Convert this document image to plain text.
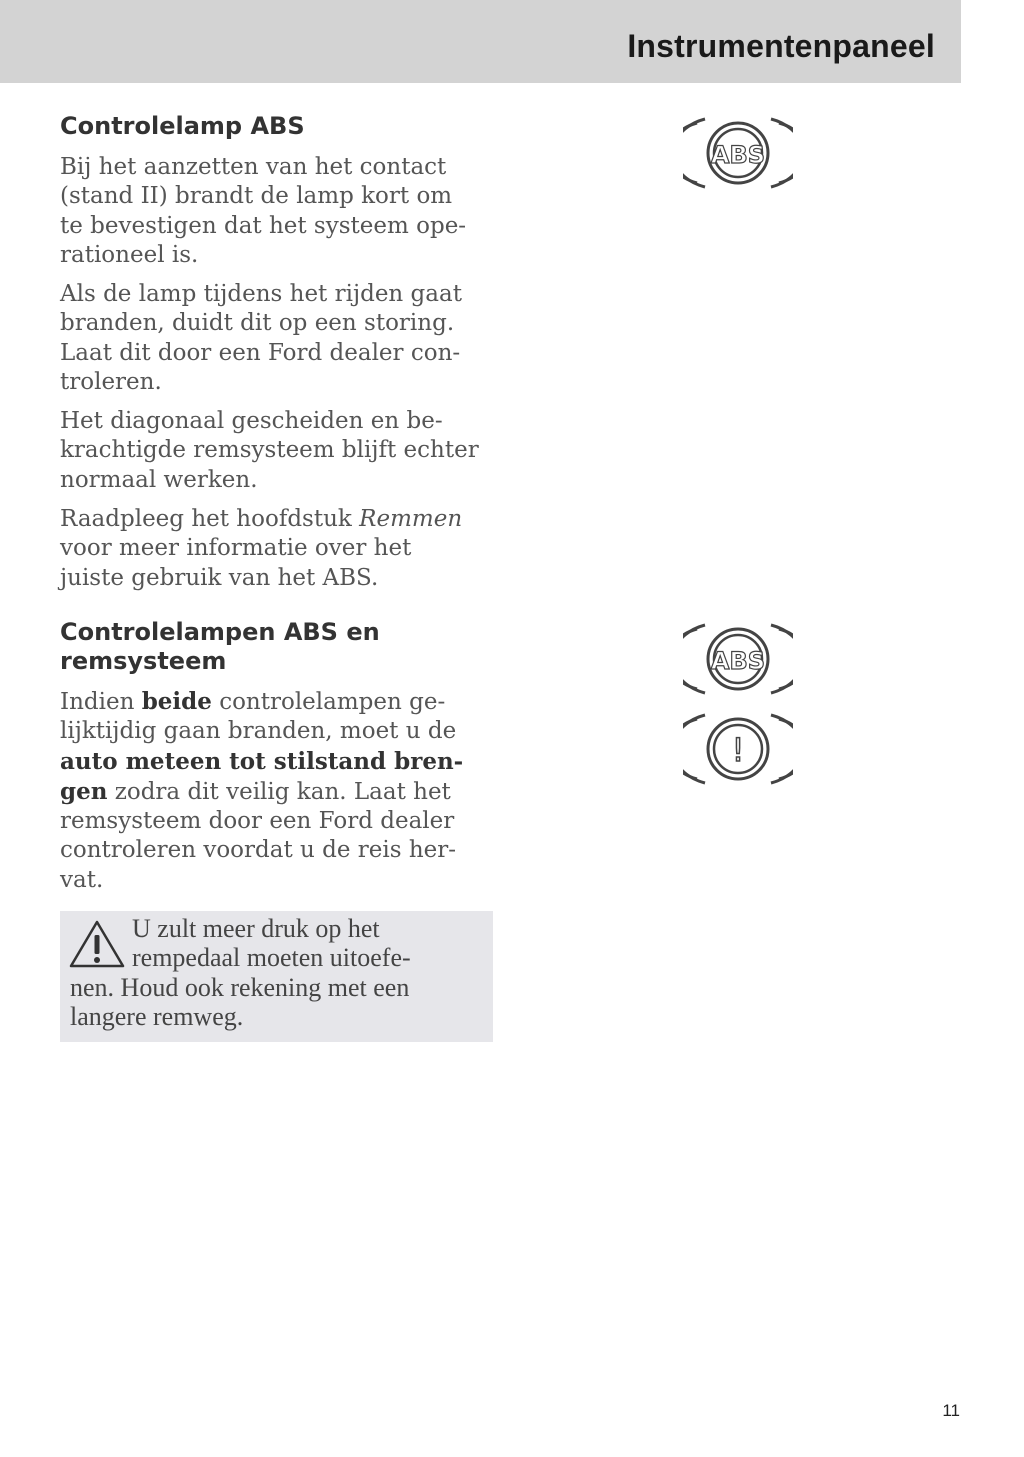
Instrumentenpaneel
Controlelamp ABS

Bij het aanzetten van het contact
(stand II) brandt de lamp kort om
te bevestigen dat het systeem ope-
rationeel is.

Als de lamp tijdens het rijden gaat
branden, duidt dit op een storing.
Laat dit door een Ford dealer con-
troleren.

Het diagonaal gescheiden en be-
krachtigde remsysteem blijft echter
normaal werken.

Raadpleeg het hoofdstuk Remmen
voor meer informatie over het
juiste gebruik van het ABS.

Controlelampen ABS en
remsysteem

Indien beide controlelampen ge-
lijktijdig gaan branden, moet u de
auto meteen tot stilstand bren-
gen zodra dit veilig kan. Laat het
remsysteem door een Ford dealer
controleren voordat u de reis her-
vat.

U zult meer druk op het
rempedaal moeten uitoefe-
nen. Houd ook rekening met een
langere remweg.

ABS
ABS
!

11
